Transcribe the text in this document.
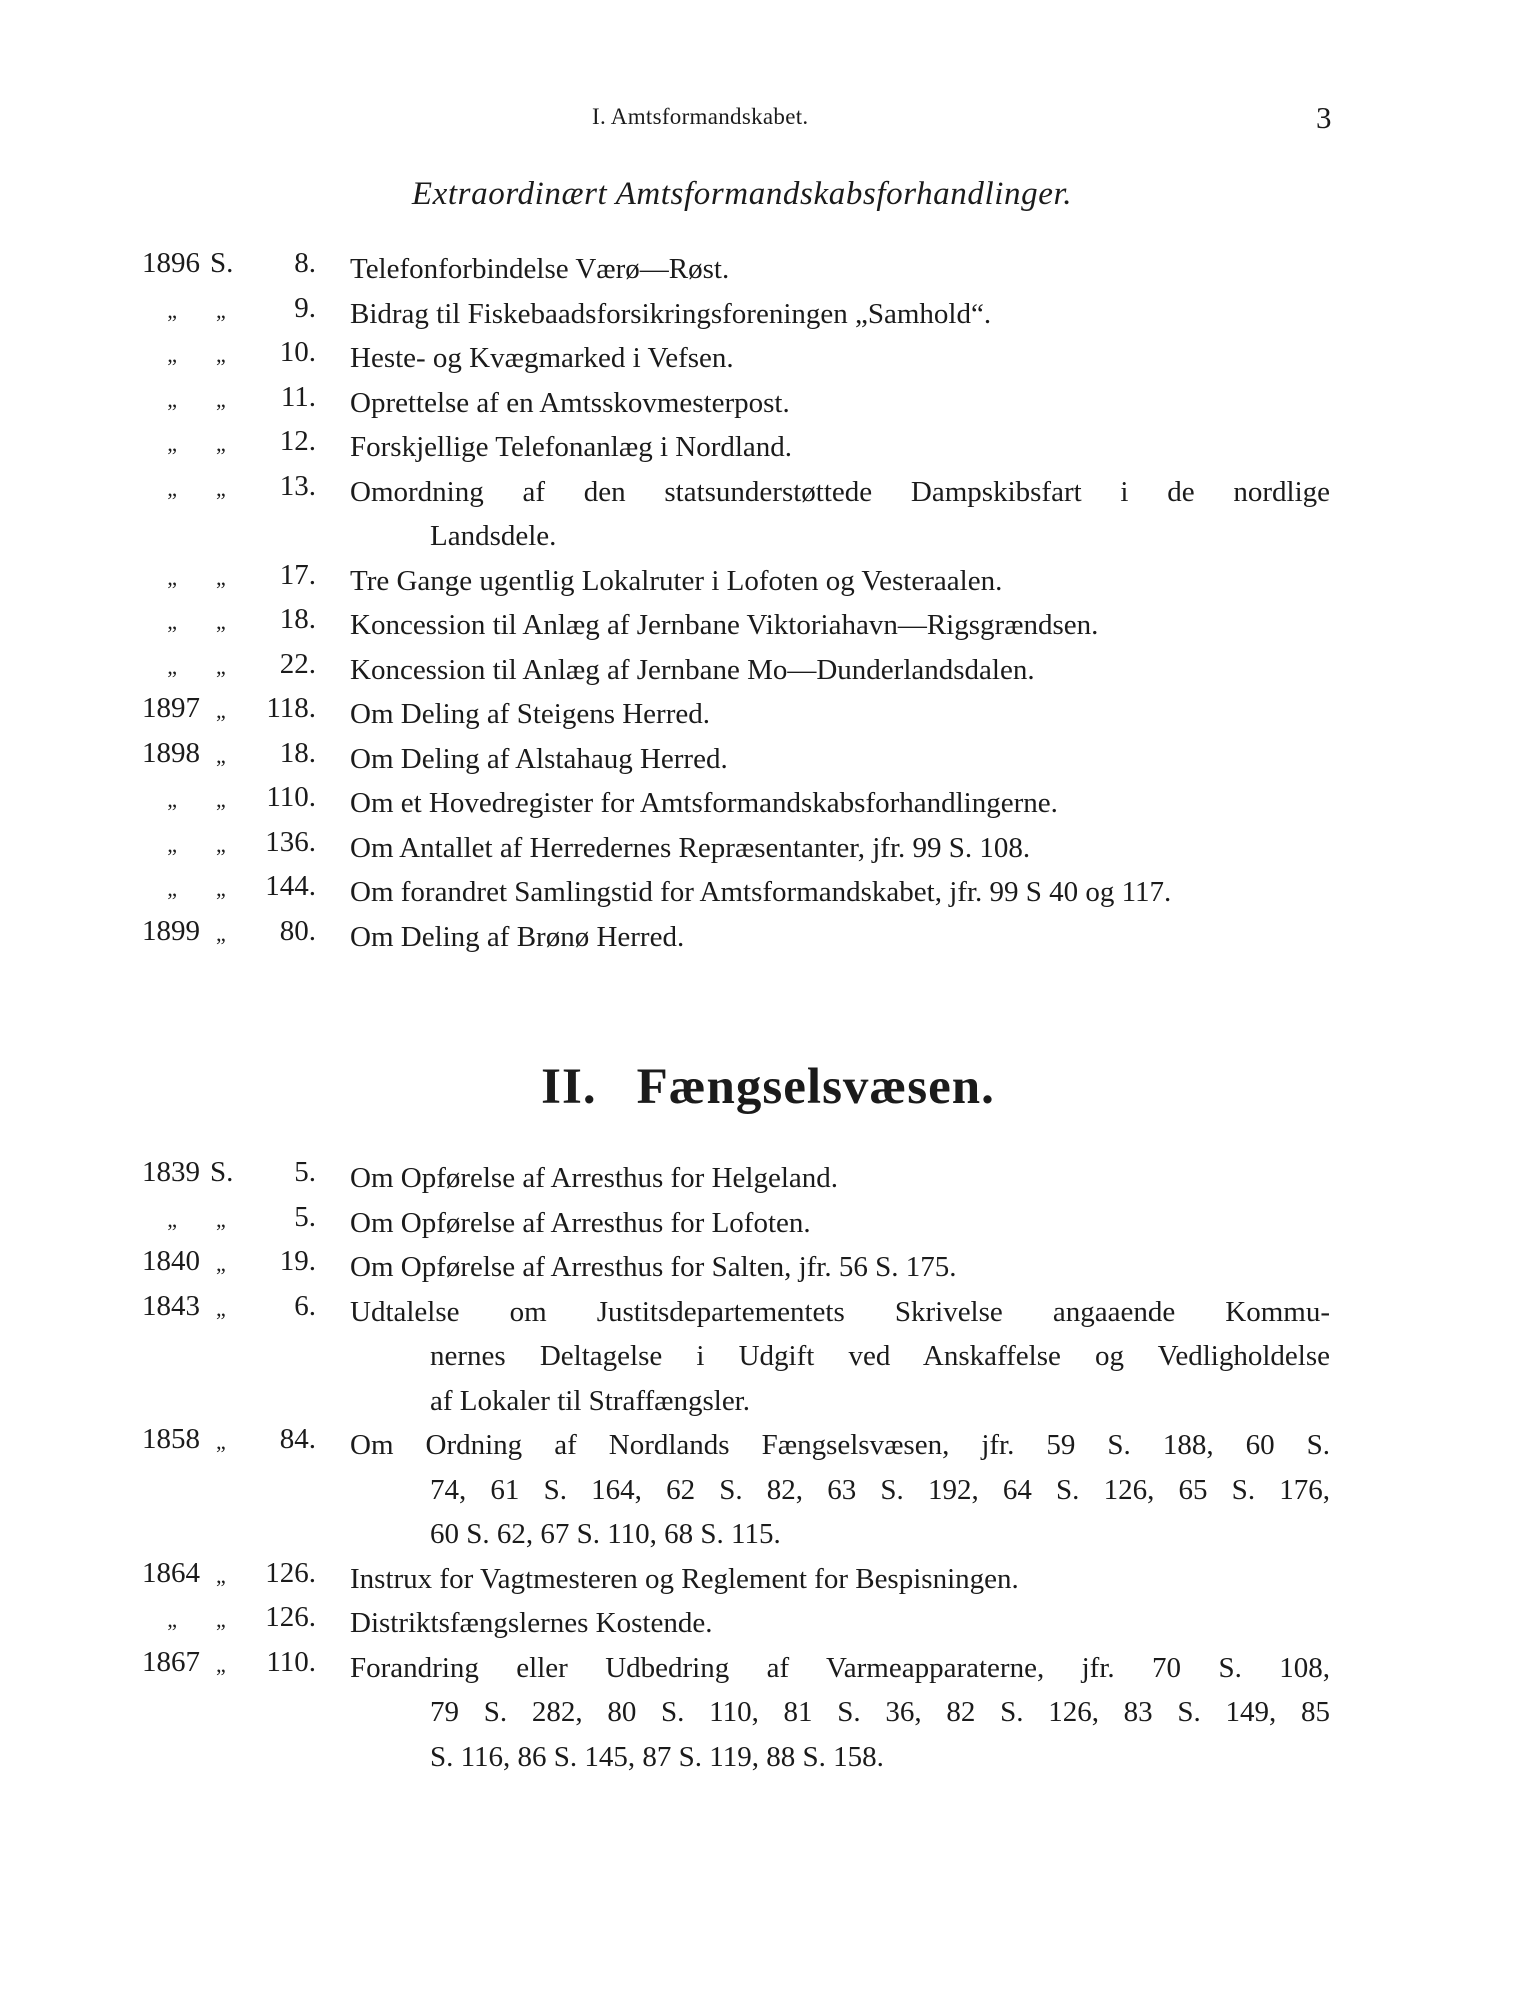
I. Amtsformandskabet.	3
Extraordinært Amtsformandskabsforhandlinger.
1896 S.	8. Telefonforbindelse Værø—Røst.
„	„	9. Bidrag til Fiskebaadsforsikringsforeningen „Samhold“.
„	„	10. Heste- og Kvægmarked i Vefsen.
„	„	11. Oprettelse af en Amtsskovmesterpost.
„	„	12. Forskjellige Telefonanlæg i Nordland.
„	„	13. Omordning af den statsunderstøttede Dampskibsfart i de nordlige
Landsdele.
„	„	17. Tre Gange ugentlig Lokalruter i Lofoten og Vesteraalen.
„	„	18. Koncession til Anlæg af Jernbane Viktoriahavn—Rigsgrændsen.
„	„	22. Koncession til Anlæg af Jernbane Mo—Dunderlandsdalen.
1897 „	118. Om Deling af Steigens Herred.
1898 „	18. Om Deling af Alstahaug Herred.
„	„	110. Om et Hovedregister for Amtsformandskabsforhandlingerne.
„	„	136. Om Antallet af Herredernes Repræsentanter, jfr. 99 S. 108.
„	„	144. Om forandret Samlingstid for Amtsformandskabet, jfr. 99 S 40 og 117.
1899 „	80. Om Deling af Brønø Herred.
II. Fængselsvæsen.
1839 S.	5. Om Opførelse af Arresthus for Helgeland.
„	„	5. Om Opførelse af Arresthus for Lofoten.
1840 „	19. Om Opførelse af Arresthus for Salten, jfr. 56 S. 175.
1843 „	6. Udtalelse om Justitsdepartementets Skrivelse angaaende Kommu-
nernes Deltagelse i Udgift ved Anskaffelse og Vedligholdelse
af Lokaler til Straffængsler.
1858 „	84. Om Ordning af Nordlands Fængselsvæsen, jfr. 59 S. 188, 60 S.
74, 61 S. 164, 62 S. 82, 63 S. 192, 64 S. 126, 65 S. 176,
60 S. 62, 67 S. 110, 68 S. 115.
1864 „	126. Instrux for Vagtmesteren og Reglement for Bespisningen.
„	„	126. Distriktsfængslernes Kostende.
1867 „	110. Forandring eller Udbedring af Varmeapparaterne, jfr. 70 S. 108,
79 S. 282, 80 S. 110, 81 S. 36, 82 S. 126, 83 S. 149, 85
S. 116, 86 S. 145, 87 S. 119, 88 S. 158.
